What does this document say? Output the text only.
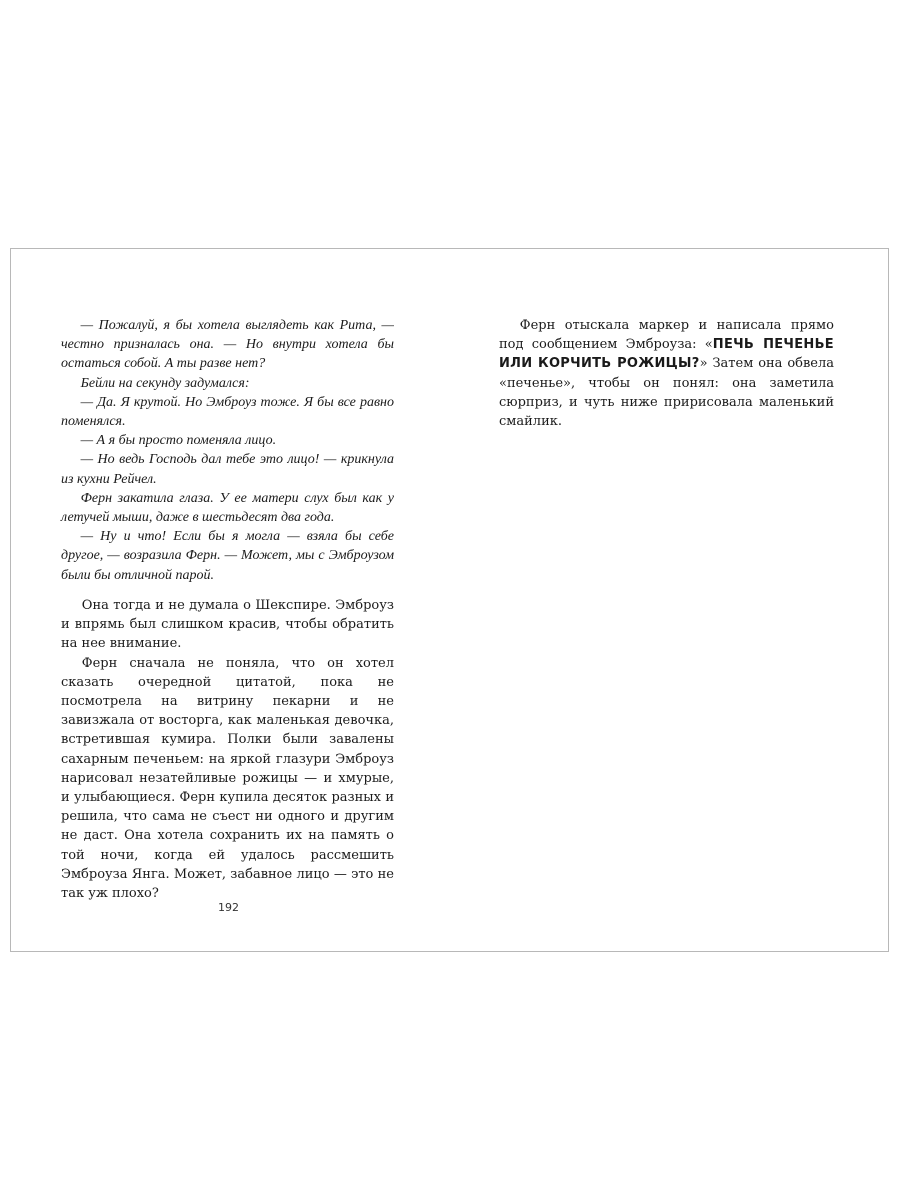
— Пожалуй, я бы хотела выглядеть как Рита, — честно призналась она. — Но внутри хотела бы остаться собой. А ты разве нет?

Бейли на секунду задумался:

— Да. Я крутой. Но Эмброуз тоже. Я бы все равно поменялся.

— А я бы просто поменяла лицо.

— Но ведь Господь дал тебе это лицо! — крикнула из кухни Рейчел.

Ферн закатила глаза. У ее матери слух был как у летучей мыши, даже в шестьдесят два года.

— Ну и что! Если бы я могла — взяла бы себе другое, — возразила Ферн. — Может, мы с Эмброузом были бы отличной парой.

Она тогда и не думала о Шекспире. Эмброуз и впрямь был слишком красив, чтобы обратить на нее внимание.

Ферн сначала не поняла, что он хотел сказать очередной цитатой, пока не посмотрела на витрину пекарни и не завизжала от восторга, как маленькая девочка, встретившая кумира. Полки были завалены сахарным печеньем: на яркой глазури Эмброуз нарисовал незатейливые рожицы — и хмурые, и улыбающиеся. Ферн купила десяток разных и решила, что сама не съест ни одного и другим не даст. Она хотела сохранить их на память о той ночи, когда ей удалось рассмешить Эмброуза Янга. Может, забавное лицо — это не так уж плохо?

192

Ферн отыскала маркер и написала прямо под сообщением Эмброуза: «ПЕЧЬ ПЕЧЕНЬЕ ИЛИ КОРЧИТЬ РОЖИЦЫ?» Затем она обвела «печенье», чтобы он понял: она заметила сюрприз, и чуть ниже пририсовала маленький смайлик.
